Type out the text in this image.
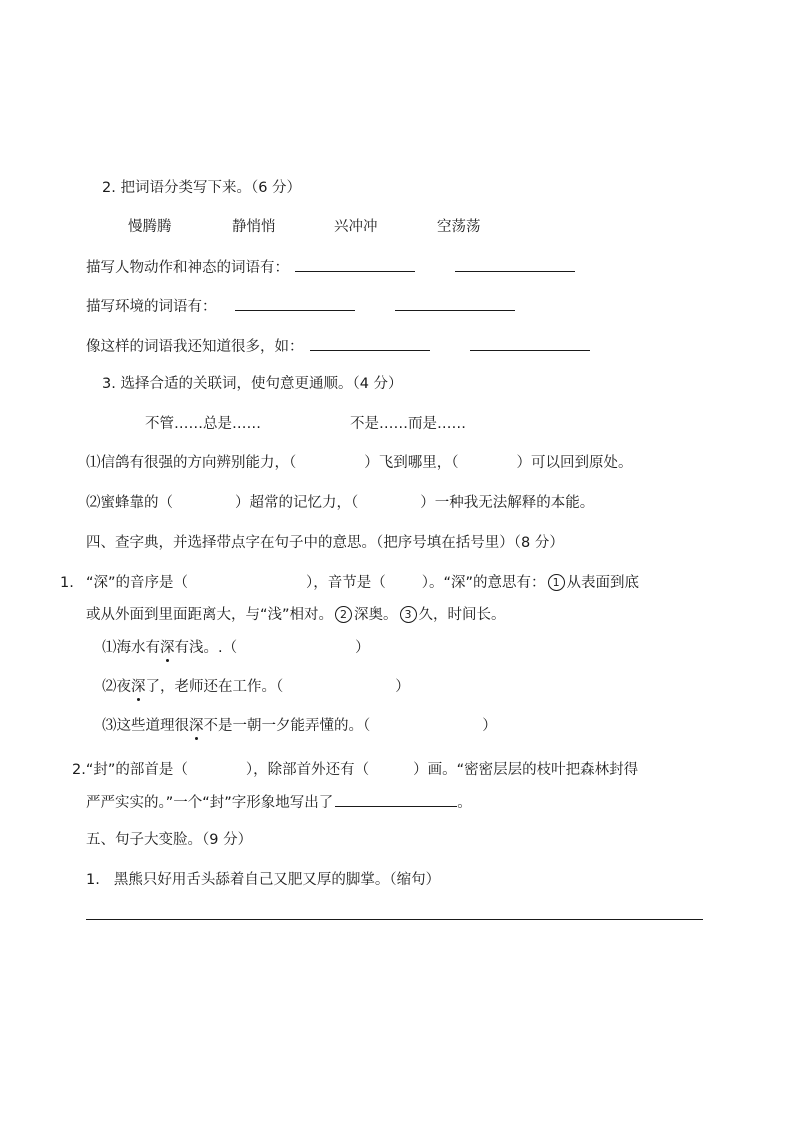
2. 把词语分类写下来。（6 分）
慢腾腾	静悄悄	兴冲冲	空荡荡
描写人物动作和神态的词语有：
描写环境的词语有：
像这样的词语我还知道很多，如：
3. 选择合适的关联词，使句意更通顺。（4 分）
不管……总是……	不是……而是……
⑴信鸽有很强的方向辨别能力，（	）飞到哪里，（	）可以回到原处。
⑵蜜蜂靠的（	）超常的记忆力，（	）一种我无法解释的本能。
四、查字典，并选择带点字在句子中的意思。（把序号填在括号里）（8 分）
1. “深”的音序是（	），音节是（ ）。“深”的意思有： 1 从表面到底
或从外面到里面距离大，与“浅”相对。 2 深奥。 3 久，时间长。
⑴海水有深有浅。.（	）
⑵夜深了，老师还在工作。（	）
⑶这些道理很深不是一朝一夕能弄懂的。（	）
2.“封”的部首是（	），除部首外还有（	）画。“密密层层的枝叶把森林封得
严严实实的。”一个“封”字形象地写出了	。
五、句子大变脸。（9 分）
1. 黑熊只好用舌头舔着自己又肥又厚的脚掌。（缩句）
